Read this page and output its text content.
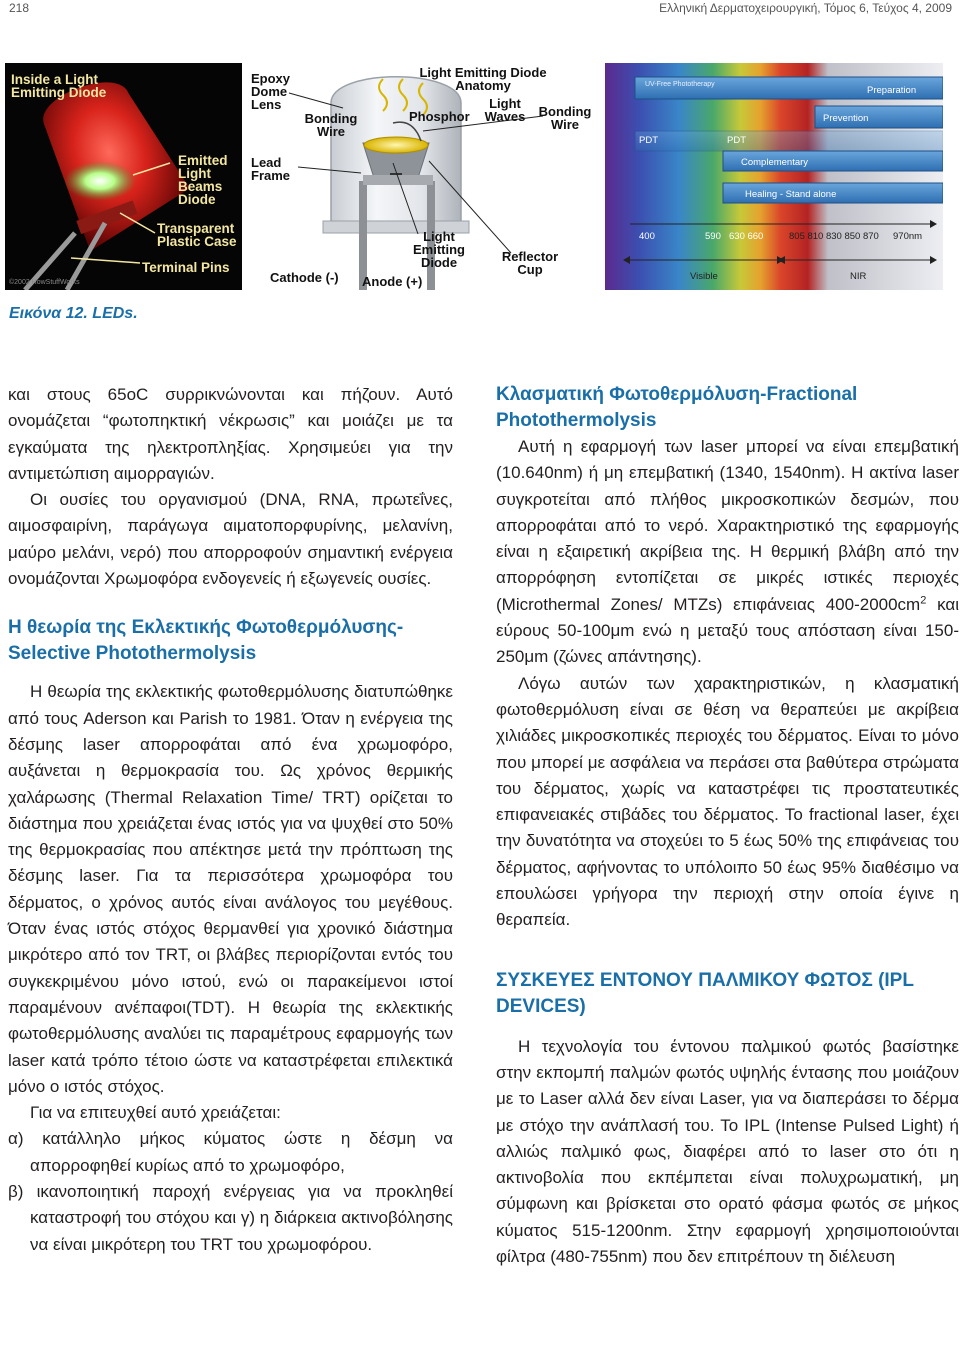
218	Ελληνική Δερματοχειρουργική, Τόμος 6, Τεύχος 4, 2009
Inside a Light Emitting Diode
Emitted Light Beams Diode
Transparent Plastic Case
Terminal Pins
©2002 HowStuffWorks
Epoxy Dome Lens
Light Emitting Diode Anatomy
Bonding Wire
Phosphor
Light Waves	Bonding Wire
Lead Frame
Light Emitting Diode	Reflector Cup
Cathode (-) Anode (+)
UV-Free Phototherapy
Preparation
Prevention
PDT	PDT
Complementary
Healing - Stand alone
400	590 630 660	805 810 830 850 870 970nm
Visible	NIR
Εικόνα 12. LEDs.

και στους 65οC συρρικνώνονται και πήζουν. Αυτό ονομάζεται “φωτοπηκτική νέκρωσις” και μοιάζει με τα εγκαύματα της ηλεκτροπληξίας. Χρησιμεύει για την αντιμετώπιση αιμορραγιών.

Οι ουσίες του οργανισμού (DNA, RNA, πρωτεΐνες, αιμοσφαιρίνη, παράγωγα αιματοπορφυρίνης, μελανίνη, μαύρο μελάνι, νερό) που απορροφούν σημαντική ενέργεια ονομάζονται Χρωμοφόρα ενδογενείς ή εξωγενείς ουσίες.

Η θεωρία της Εκλεκτικής Φωτοθερμόλυσης-Selective Photothermolysis

Η θεωρία της εκλεκτικής φωτοθερμόλυσης διατυπώθηκε από τους Aderson και Parish το 1981. Όταν η ενέργεια της δέσμης laser απορροφάται από ένα χρωμοφόρο, αυξάνεται η θερμοκρασία του. Ως χρόνος θερμικής χαλάρωσης (Thermal Relaxation Time/ TRT) ορίζεται το διάστημα που χρειάζεται ένας ιστός για να ψυχθεί στο 50% της θερμοκρασίας που απέκτησε μετά την πρόπτωση της δέσμης laser. Για τα περισσότερα χρωμοφόρα του δέρματος, ο χρόνος αυτός είναι ανάλογος του μεγέθους. Όταν ένας ιστός στόχος θερμανθεί για χρονικό διάστημα μικρότερο από τον TRT, οι βλάβες περιορίζονται εντός του συγκεκριμένου μόνο ιστού, ενώ οι παρακείμενοι ιστοί παραμένουν ανέπαφοι(TDT). Η θεωρία της εκλεκτικής φωτοθερμόλυσης αναλύει τις παραμέτρους εφαρμογής των laser κατά τρόπο τέτοιο ώστε να καταστρέφεται επιλεκτικά μόνο ο ιστός στόχος.

Για να επιτευχθεί αυτό χρειάζεται:

α) κατάλληλο μήκος κύματος ώστε η δέσμη να απορροφηθεί κυρίως από το χρωμοφόρο,

β) ικανοποιητική παροχή ενέργειας για να προκληθεί καταστροφή του στόχου και γ) η διάρκεια ακτινοβόλησης να είναι μικρότερη του TRT του χρωμοφόρου.

Κλασματική Φωτοθερμόλυση-Fractional Photothermolysis

Αυτή η εφαρμογή των laser μπορεί να είναι επεμβατική (10.640nm) ή μη επεμβατική (1340, 1540nm). Η ακτίνα laser συγκροτείται από πλήθος μικροσκοπικών δεσμών, που απορροφάται από το νερό. Χαρακτηριστικό της εφαρμογής είναι η εξαιρετική ακρίβεια της. Η θερμική βλάβη από την απορρόφηση εντοπίζεται σε μικρές ιστικές περιοχές (Microthermal Zones/ MTZs) επιφάνειας $400-2000cm^2$ και εύρους 50-100μm ενώ η μεταξύ τους απόσταση είναι 150-250μm (ζώνες απάντησης).

Λόγω αυτών των χαρακτηριστικών, η κλασματική φωτοθερμόλυση είναι σε θέση να θεραπεύει με ακρίβεια χιλιάδες μικροσκοπικές περιοχές του δέρματος. Είναι το μόνο που μπορεί με ασφάλεια να περάσει στα βαθύτερα στρώματα του δέρματος, χωρίς να καταστρέφει τις προστατευτικές επιφανειακές στιβάδες του δέρματος. Το fractional laser, έχει την δυνατότητα να στοχεύει το 5 έως 50% της επιφάνειας του δέρματος, αφήνοντας το υπόλοιπο 50 έως 95% διαθέσιμο να επουλώσει γρήγορα την περιοχή στην οποία έγινε η θεραπεία.

ΣΥΣΚΕΥΕΣ ΕΝΤΟΝΟΥ ΠΑΛΜΙΚΟΥ ΦΩΤΟΣ (IPL DEVICES)

Η τεχνολογία του έντονου παλμικού φωτός βασίστηκε στην εκπομπή παλμών φωτός υψηλής έντασης που μοιάζουν με το Laser αλλά δεν είναι Laser, για να διαπεράσει το δέρμα με στόχο την ανάπλασή του. Το IPL (Intense Pulsed Light) ή αλλιώς παλμικό φως, διαφέρει από το laser στο ότι η ακτινοβολία που εκπέμπεται είναι πολυχρωματική, μη σύμφωνη και βρίσκεται στο ορατό φάσμα φωτός σε μήκος κύματος 515-1200nm. Στην εφαρμογή χρησιμοποιούνται φίλτρα (480-755nm) που δεν επιτρέπουν τη διέλευση
